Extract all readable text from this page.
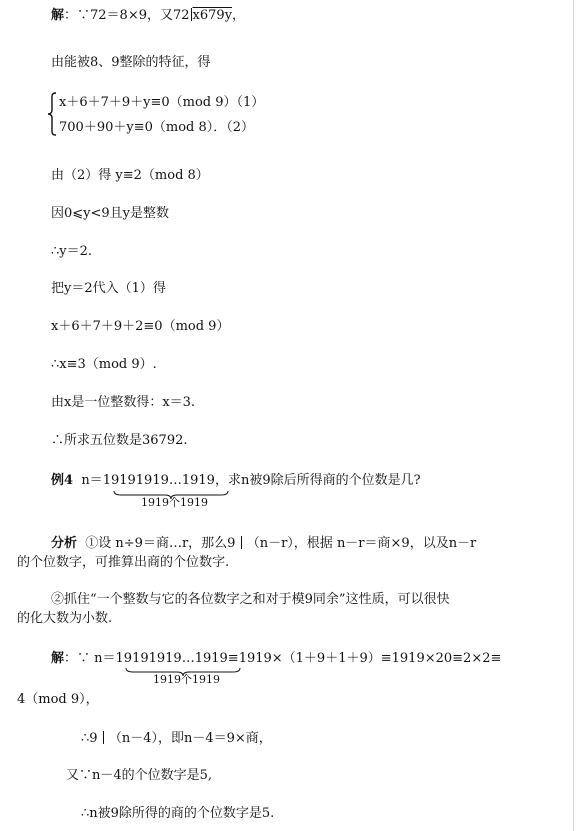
解：∵72＝8×9，又72 x679y，
由能被8、9整除的特征，得
x＋6＋7＋9＋y≡0（mod 9）（1）
700＋90＋y≡0（mod 8）．（2）
由（2）得 y≡2（mod 8）
因0⩽y<9且y是整数
∴y＝2.
把y＝2代入（1）得
x＋6＋7＋9＋2≡0（mod 9）
∴x≡3（mod 9）.
由x是一位整数得：x＝3.
∴所求五位数是36792.
例4 n＝19191919…1919，求n被9除后所得商的个位数是几?
1919个1919
分析 ①设 n÷9＝商…r，那么9 （n－r），根据 n－r＝商×9，以及n－r
的个位数字，可推算出商的个位数字.
②抓住“一个整数与它的各位数字之和对于模9同余”这性质，可以很快
的化大数为小数.
解：∵ n＝19191919…1919≡1919×（1＋9＋1＋9）≡1919×20≡2×2≡
1919个1919
4（mod 9），
∴9 （n－4），即n－4＝9×商，
又∵n－4的个位数字是5,
∴n被9除所得的商的个位数字是5.
